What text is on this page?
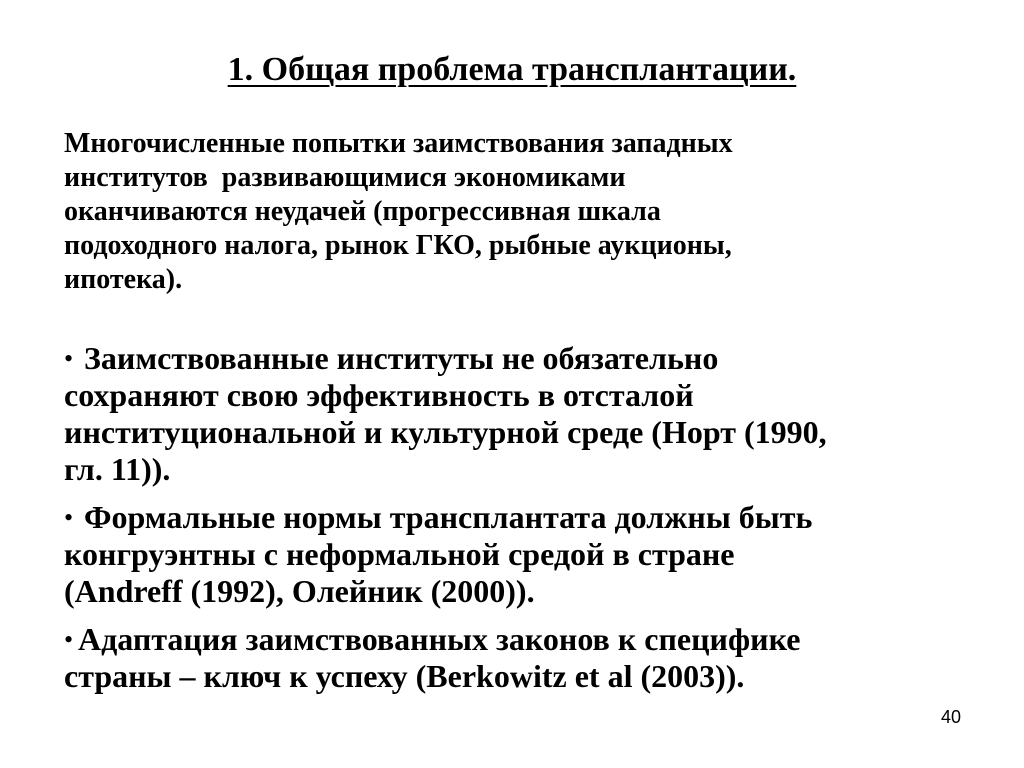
1. Общая проблема трансплантации.
Многочисленные попытки заимствования западных
институтов  развивающимися экономиками
оканчиваются неудачей (прогрессивная шкала
подоходного налога, рынок ГКО, рыбные аукционы,
ипотека).
• Заимствованные институты не обязательно
сохраняют свою эффективность в отсталой
институциональной и культурной среде (Норт (1990,
гл. 11)).
• Формальные нормы трансплантата должны быть
конгруэнтны с неформальной средой в стране
(Andreff (1992), Олейник (2000)).
• Адаптация заимствованных законов к специфике
страны – ключ к успеху (Berkowitz et al (2003)).
40
